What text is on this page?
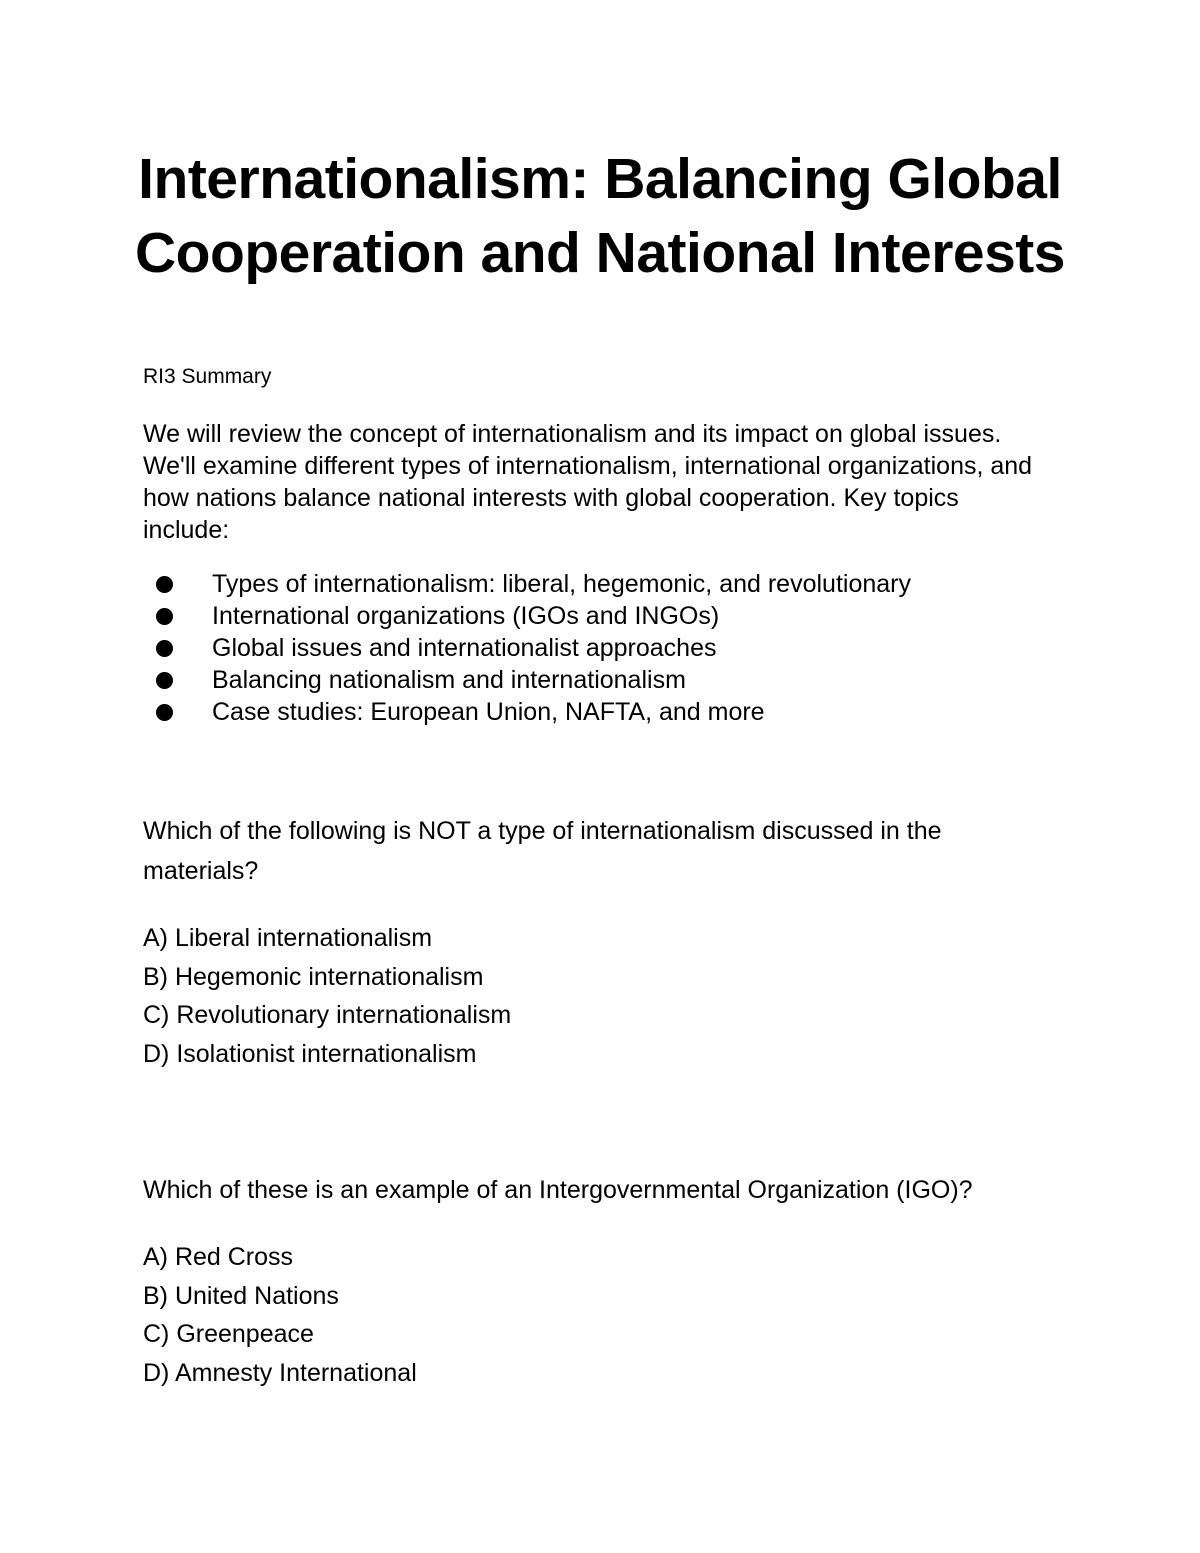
Internationalism: Balancing Global Cooperation and National Interests

RI3 Summary

We will review the concept of internationalism and its impact on global issues. We'll examine different types of internationalism, international organizations, and how nations balance national interests with global cooperation. Key topics include:

Types of internationalism: liberal, hegemonic, and revolutionary
International organizations (IGOs and INGOs)
Global issues and internationalist approaches
Balancing nationalism and internationalism
Case studies: European Union, NAFTA, and more

Which of the following is NOT a type of internationalism discussed in the materials?

A) Liberal internationalism
B) Hegemonic internationalism
C) Revolutionary internationalism
D) Isolationist internationalism

Which of these is an example of an Intergovernmental Organization (IGO)?

A) Red Cross
B) United Nations
C) Greenpeace
D) Amnesty International
